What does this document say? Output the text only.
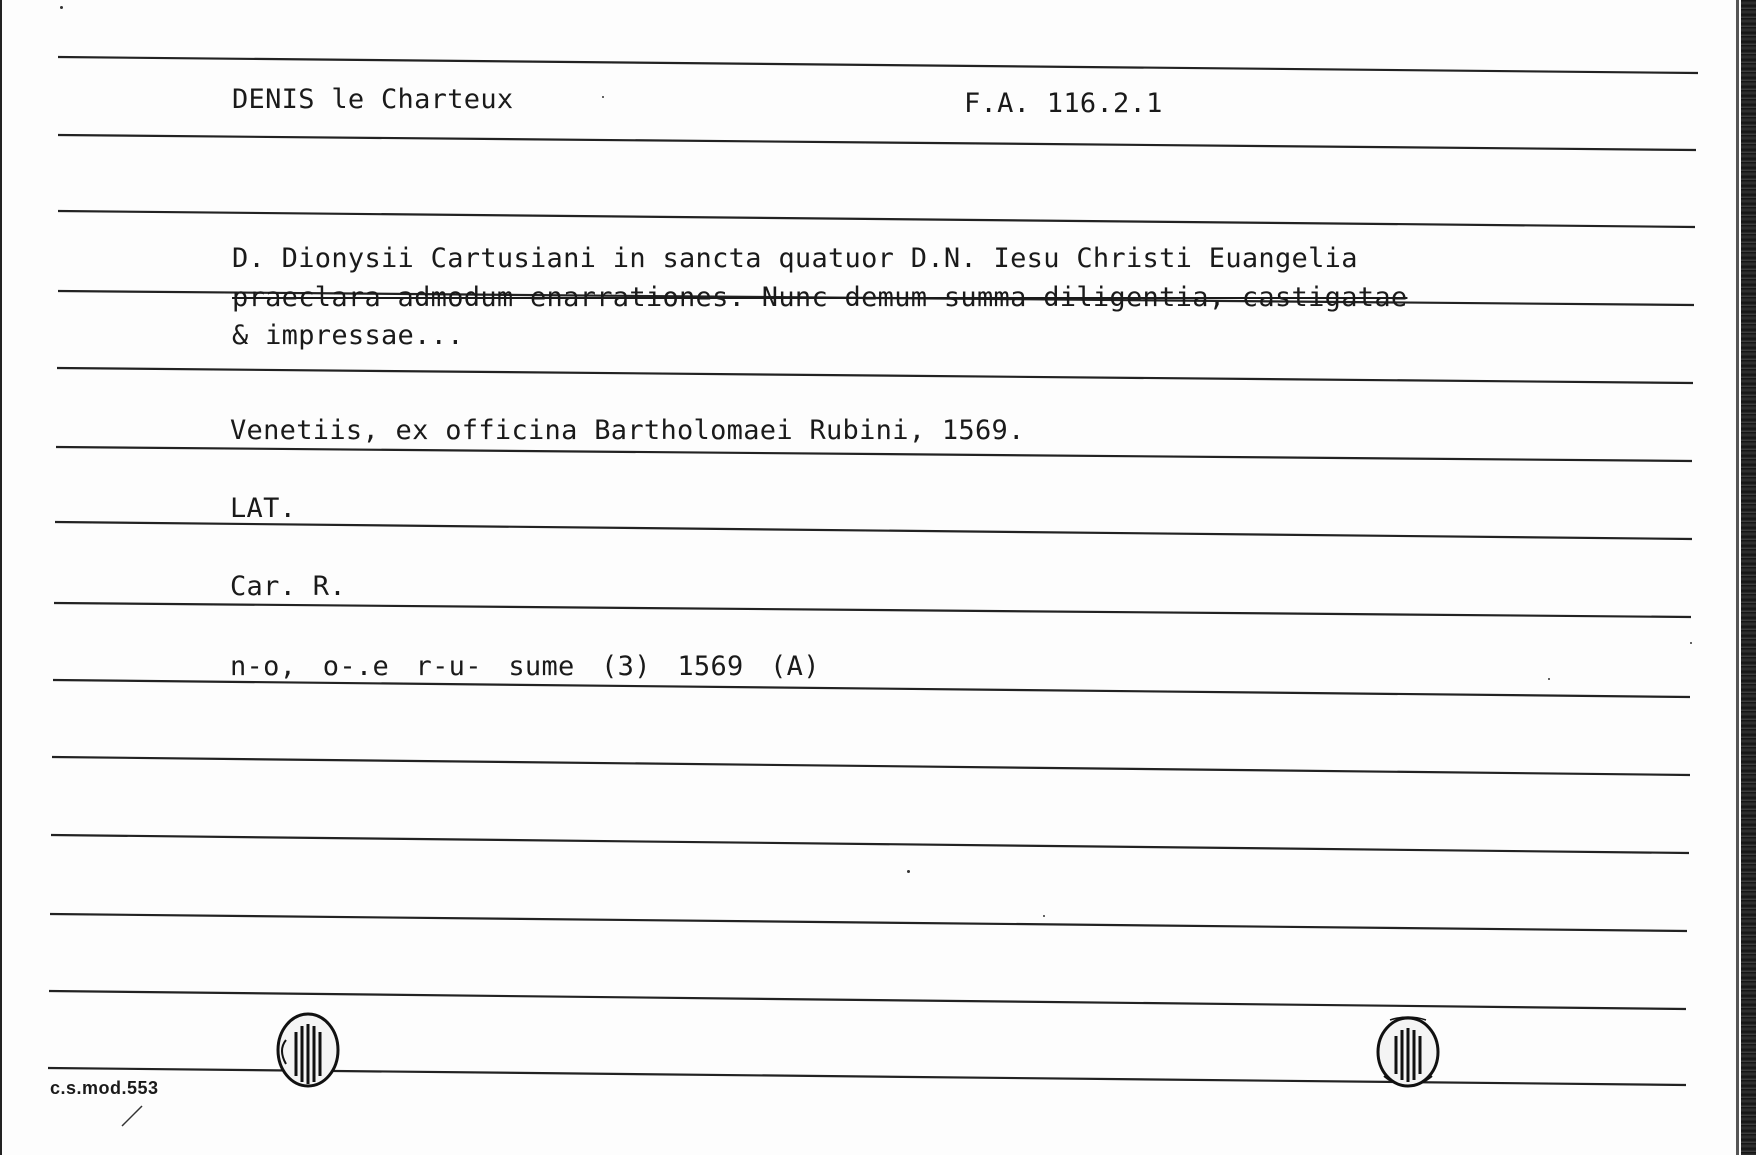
DENIS le Charteux	F.A. 116.2.1
D. Dionysii Cartusiani in sancta quatuor D.N. Iesu Christi Euangelia
praeclara admodum enarrationes. Nunc demum summa diligentia, castigatae
& impressae...
Venetiis, ex officina Bartholomaei Rubini, 1569.
LAT.
Car. R.
n-o, o-.e r-u- sume (3) 1569 (A)
c.s.mod.553
